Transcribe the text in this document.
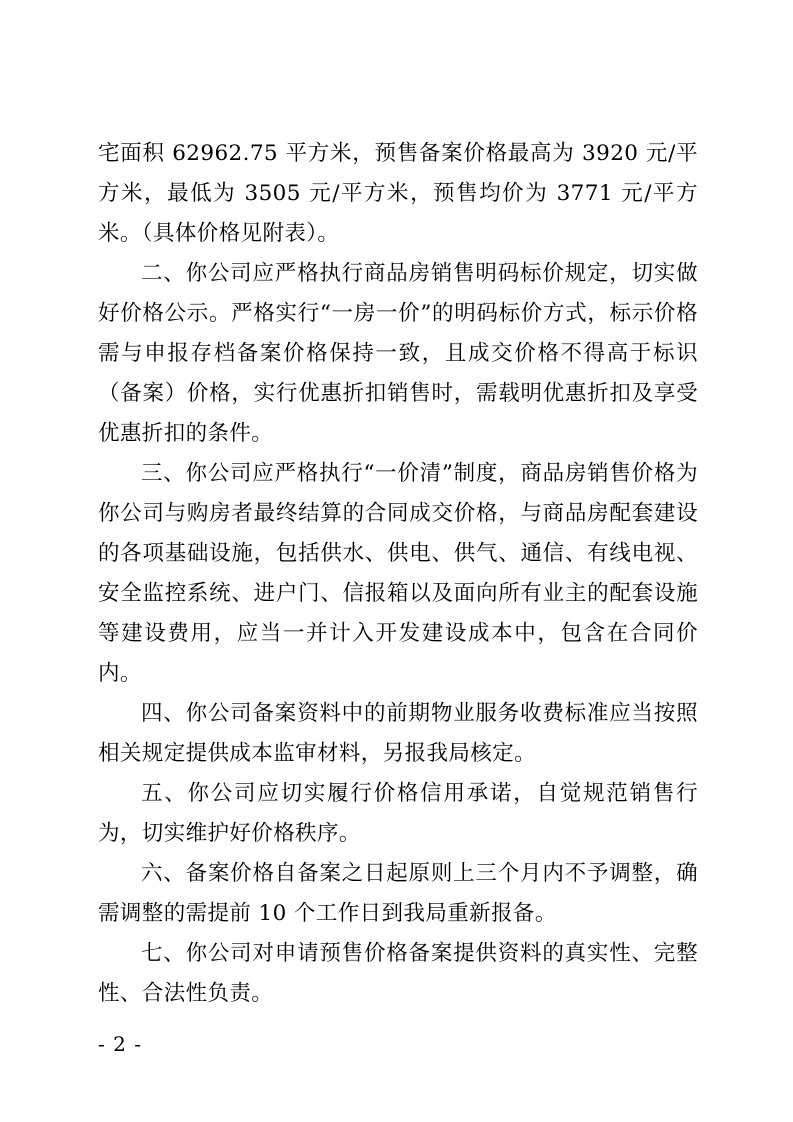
宅面积 62962.75 平方米，预售备案价格最高为 3920 元/平方米，最低为 3505 元/平方米，预售均价为 3771 元/平方米。（具体价格见附表）。

二、你公司应严格执行商品房销售明码标价规定，切实做好价格公示。严格实行“一房一价”的明码标价方式，标示价格需与申报存档备案价格保持一致，且成交价格不得高于标识（备案）价格，实行优惠折扣销售时，需载明优惠折扣及享受优惠折扣的条件。

三、你公司应严格执行“一价清”制度，商品房销售价格为你公司与购房者最终结算的合同成交价格，与商品房配套建设的各项基础设施，包括供水、供电、供气、通信、有线电视、安全监控系统、进户门、信报箱以及面向所有业主的配套设施等建设费用，应当一并计入开发建设成本中，包含在合同价内。

四、你公司备案资料中的前期物业服务收费标准应当按照相关规定提供成本监审材料，另报我局核定。

五、你公司应切实履行价格信用承诺，自觉规范销售行为，切实维护好价格秩序。

六、备案价格自备案之日起原则上三个月内不予调整，确需调整的需提前 10 个工作日到我局重新报备。

七、你公司对申请预售价格备案提供资料的真实性、完整性、合法性负责。

- 2 -
